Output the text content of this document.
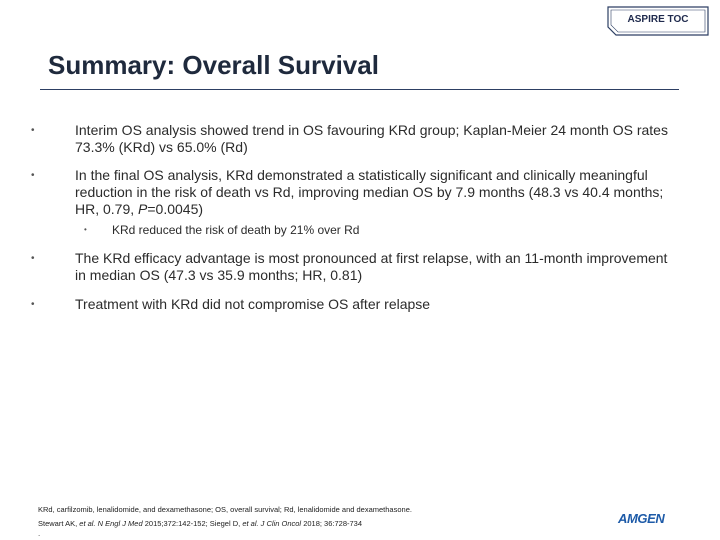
ASPIRE TOC
Summary: Overall Survival
•	Interim OS analysis showed trend in OS favouring KRd group; Kaplan-Meier 24 month OS rates 73.3% (KRd) vs 65.0% (Rd)
•	In the final OS analysis, KRd demonstrated a statistically significant and clinically meaningful reduction in the risk of death vs Rd, improving median OS by 7.9 months (48.3 vs 40.4 months; HR, 0.79, P=0.0045)
• KRd reduced the risk of death by 21% over Rd
•	The KRd efficacy advantage is most pronounced at first relapse, with an 11-month improvement in median OS (47.3 vs 35.9 months; HR, 0.81)
•	Treatment with KRd did not compromise OS after relapse
KRd, carfilzomib, lenalidomide, and dexamethasone; OS, overall survival; Rd, lenalidomide and dexamethasone.
Stewart AK, et al. N Engl J Med 2015;372:142-152; Siegel D, et al. J Clin Oncol 2018; 36:728-734
.
AMGEN
